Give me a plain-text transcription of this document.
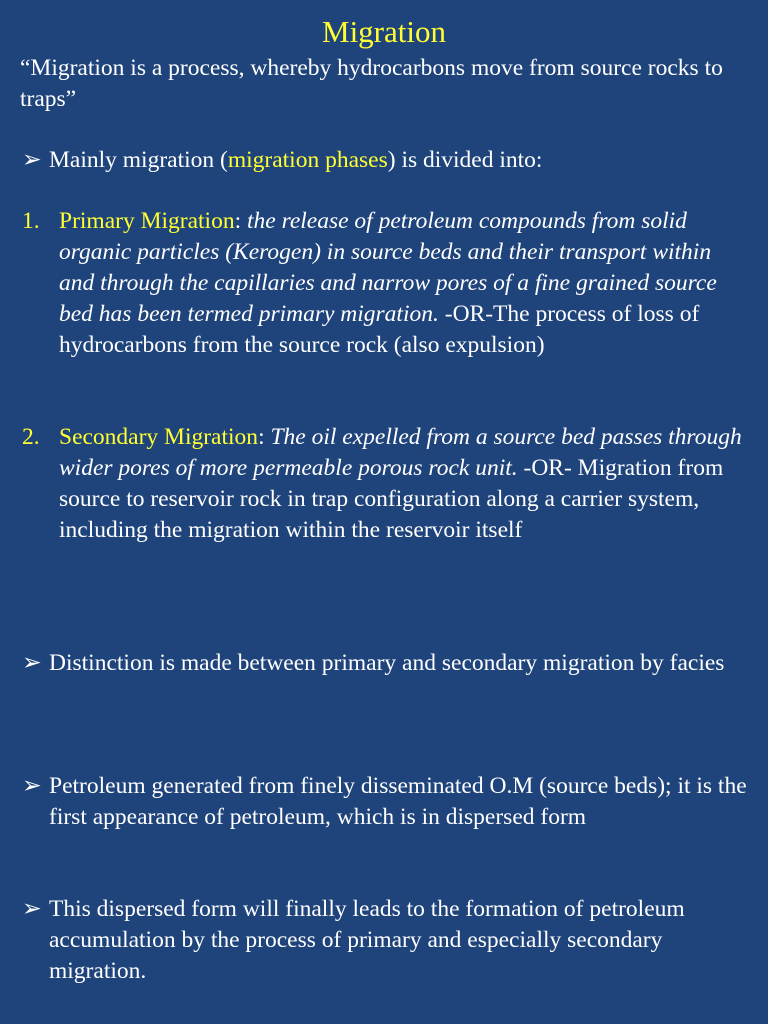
Migration
“Migration is a process, whereby hydrocarbons move from source rocks to traps”
➢ Mainly migration (migration phases) is divided into:
1. Primary Migration: the release of petroleum compounds from solid organic particles (Kerogen) in source beds and their transport within and through the capillaries and narrow pores of a fine grained source bed has been termed primary migration. -OR-The process of loss of hydrocarbons from the source rock (also expulsion)
2. Secondary Migration: The oil expelled from a source bed passes through wider pores of more permeable porous rock unit. -OR- Migration from source to reservoir rock in trap configuration along a carrier system, including the migration within the reservoir itself
➢ Distinction is made between primary and secondary migration by facies
➢ Petroleum generated from finely disseminated O.M (source beds); it is the first appearance of petroleum, which is in dispersed form
➢ This dispersed form will finally leads to the formation of petroleum accumulation by the process of primary and especially secondary migration.
